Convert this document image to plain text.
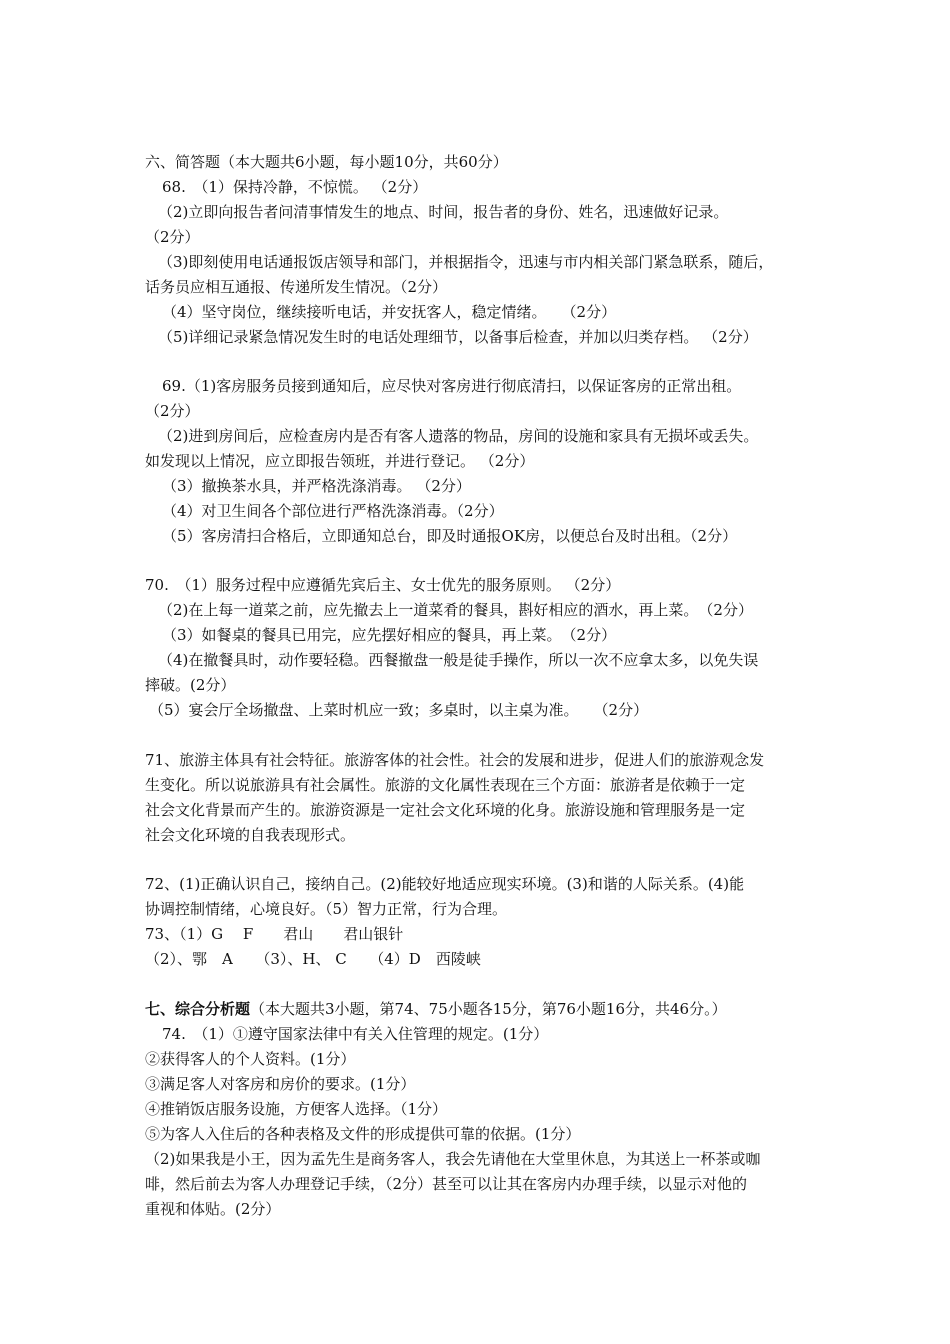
六、简答题（本大题共6小题，每小题10分，共60分）
68.　（1）保持冷静，不惊慌。 （2分）
（2)立即向报告者问清事情发生的地点、时间，报告者的身份、姓名，迅速做好记录。
（2分）
（3)即刻使用电话通报饭店领导和部门，并根据指令，迅速与市内相关部门紧急联系，随后，
话务员应相互通报、传递所发生情况。（2分）
（4）坚守岗位，继续接听电话，并安抚客人，稳定情绪。　　（2分）
（5)详细记录紧急情况发生时的电话处理细节，以备事后检查，并加以归类存档。 （2分）
69.（1)客房服务员接到通知后，应尽快对客房进行彻底清扫，以保证客房的正常出租。
（2分）
（2)进到房间后，应检查房内是否有客人遗落的物品，房间的设施和家具有无损坏或丢失。
如发现以上情况，应立即报告领班，并进行登记。 （2分）
（3）撤换茶水具，并严格洗涤消毒。 （2分）
（4）对卫生间各个部位进行严格洗涤消毒。（2分）
（5）客房清扫合格后，立即通知总台，即及时通报OK房，以便总台及时出租。（2分）
70.　（1）服务过程中应遵循先宾后主、女士优先的服务原则。 （2分）
（2)在上每一道菜之前，应先撤去上一道菜肴的餐具，斟好相应的酒水，再上菜。　（2分）
（3）如餐桌的餐具已用完，应先摆好相应的餐具，再上菜。　（2分）
（4)在撤餐具时，动作要轻稳。西餐撤盘一般是徒手操作，所以一次不应拿太多，以免失误
摔破。(2分）
（5）宴会厅全场撤盘、上菜时机应一致；多桌时，以主桌为准。　　（2分）
71、旅游主体具有社会特征。旅游客体的社会性。社会的发展和进步，促进人们的旅游观念发
生变化。所以说旅游具有社会属性。旅游的文化属性表现在三个方面：旅游者是依赖于一定
社会文化背景而产生的。旅游资源是一定社会文化环境的化身。旅游设施和管理服务是一定
社会文化环境的自我表现形式。
72、(1)正确认识自己，接纳自己。(2)能较好地适应现实环境。(3)和谐的人际关系。(4)能
协调控制情绪，心境良好。（5）智力正常，行为合理。
73、（1）G　 F　　君山　　君山银针
（2）、鄂　A　　（3）、H、 C　　（4）D　西陵峡
七、综合分析题（本大题共3小题，第74、75小题各15分，第76小题16分，共46分。）
74.　（1）①遵守国家法律中有关入住管理的规定。(1分）
②获得客人的个人资料。(1分）
③满足客人对客房和房价的要求。(1分）
④推销饭店服务设施，方便客人选择。（1分）
⑤为客人入住后的各种表格及文件的形成提供可靠的依据。(1分）
（2)如果我是小王，因为孟先生是商务客人，我会先请他在大堂里休息，为其送上一杯茶或咖
啡，然后前去为客人办理登记手续，（2分）甚至可以让其在客房内办理手续，以显示对他的
重视和体贴。(2分）
